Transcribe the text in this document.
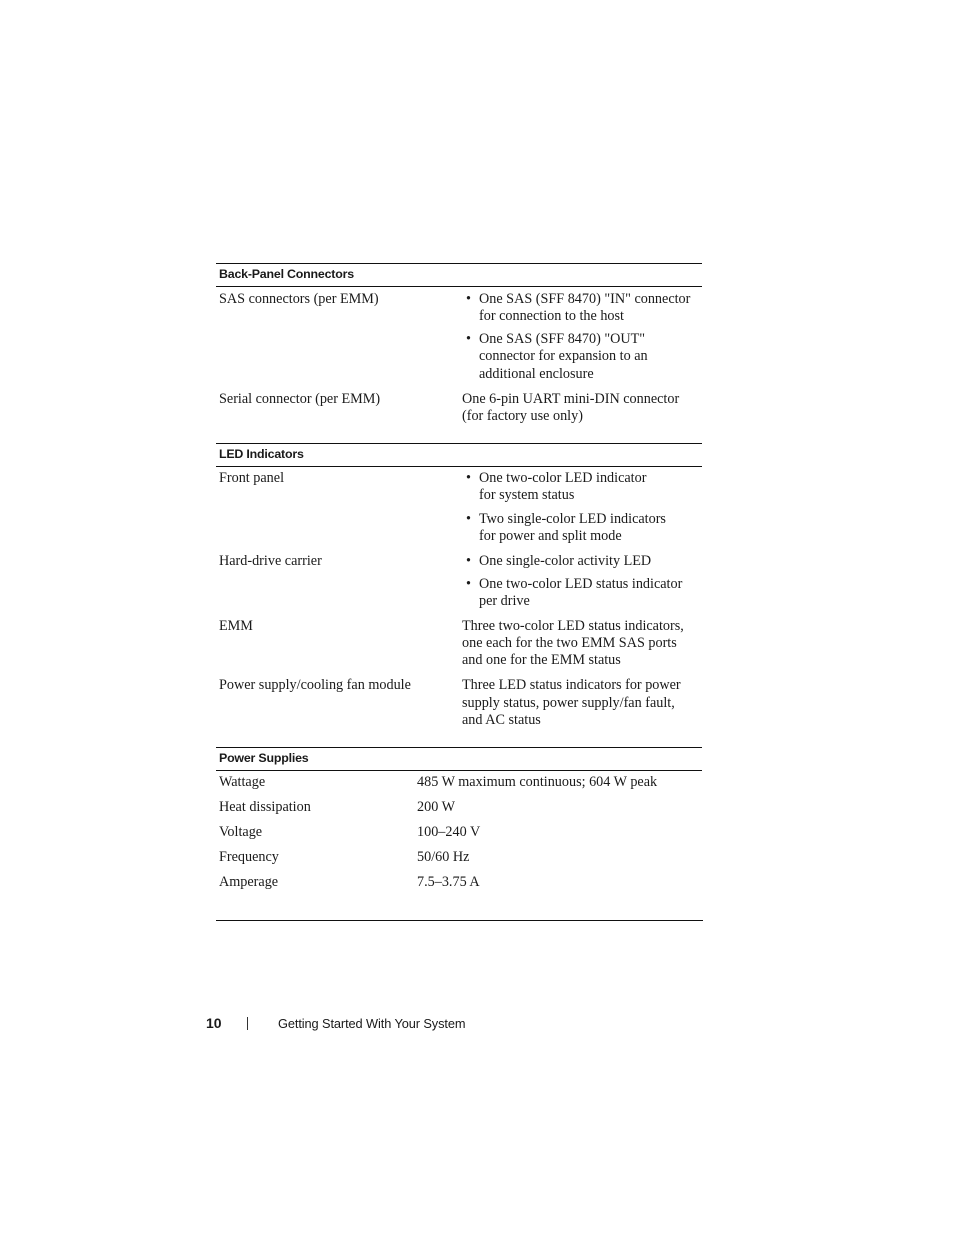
Back-Panel Connectors
SAS connectors (per EMM)	• One SAS (SFF 8470) "IN" connector
for connection to the host
• One SAS (SFF 8470) "OUT"
connector for expansion to an
additional enclosure
Serial connector (per EMM)	One 6-pin UART mini-DIN connector
(for factory use only)
LED Indicators
Front panel	• One two-color LED indicator
for system status
• Two single-color LED indicators
for power and split mode
Hard-drive carrier	• One single-color activity LED
• One two-color LED status indicator
per drive
EMM	Three two-color LED status indicators,
one each for the two EMM SAS ports
and one for the EMM status
Power supply/cooling fan module	Three LED status indicators for power
supply status, power supply/fan fault,
and AC status
Power Supplies
Wattage	485 W maximum continuous; 604 W peak
Heat dissipation	200 W
Voltage	100–240 V
Frequency	50/60 Hz
Amperage	7.5–3.75 A
10	Getting Started With Your System
